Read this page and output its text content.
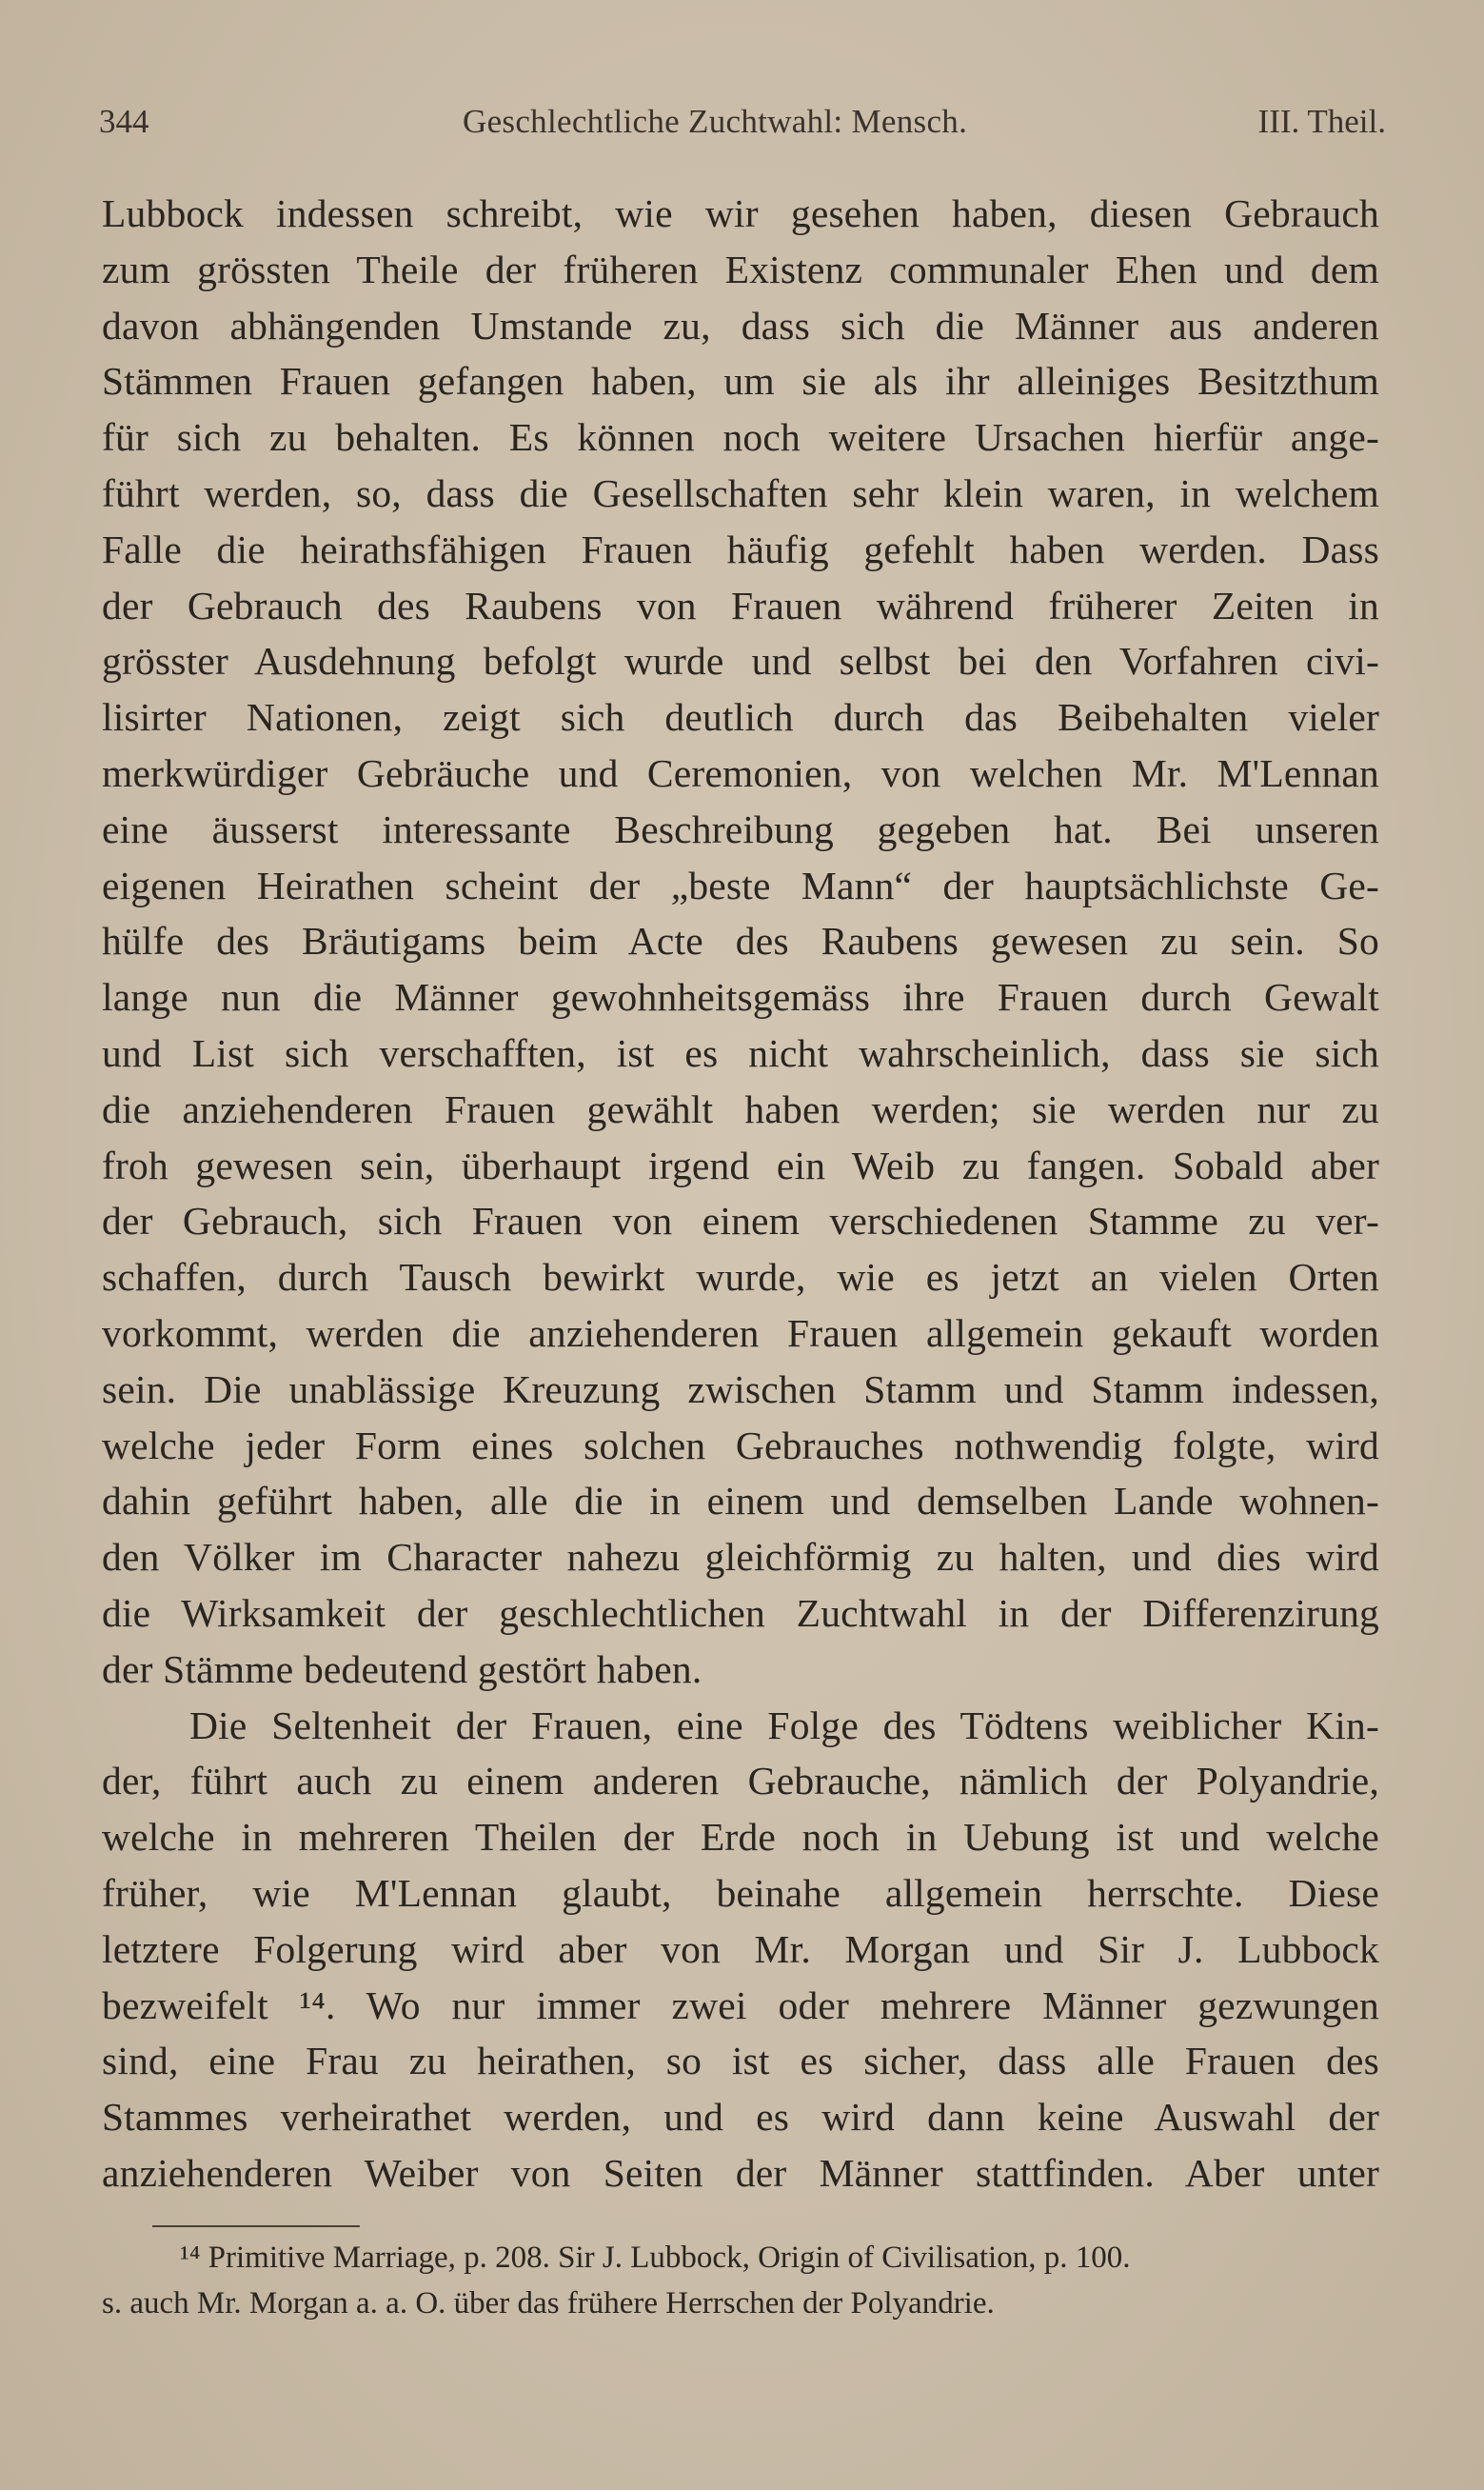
344	Geschlechtliche Zuchtwahl: Mensch.	III. Theil.
Lubbock indessen schreibt, wie wir gesehen haben, diesen Gebrauch
zum grössten Theile der früheren Existenz communaler Ehen und dem
davon abhängenden Umstande zu, dass sich die Männer aus anderen
Stämmen Frauen gefangen haben, um sie als ihr alleiniges Besitzthum
für sich zu behalten. Es können noch weitere Ursachen hierfür ange-
führt werden, so, dass die Gesellschaften sehr klein waren, in welchem
Falle die heirathsfähigen Frauen häufig gefehlt haben werden. Dass
der Gebrauch des Raubens von Frauen während früherer Zeiten in
grösster Ausdehnung befolgt wurde und selbst bei den Vorfahren civi-
lisirter Nationen, zeigt sich deutlich durch das Beibehalten vieler
merkwürdiger Gebräuche und Ceremonien, von welchen Mr. M'Lennan
eine äusserst interessante Beschreibung gegeben hat. Bei unseren
eigenen Heirathen scheint der „beste Mann“ der hauptsächlichste Ge-
hülfe des Bräutigams beim Acte des Raubens gewesen zu sein. So
lange nun die Männer gewohnheitsgemäss ihre Frauen durch Gewalt
und List sich verschafften, ist es nicht wahrscheinlich, dass sie sich
die anziehenderen Frauen gewählt haben werden; sie werden nur zu
froh gewesen sein, überhaupt irgend ein Weib zu fangen. Sobald aber
der Gebrauch, sich Frauen von einem verschiedenen Stamme zu ver-
schaffen, durch Tausch bewirkt wurde, wie es jetzt an vielen Orten
vorkommt, werden die anziehenderen Frauen allgemein gekauft worden
sein. Die unablässige Kreuzung zwischen Stamm und Stamm indessen,
welche jeder Form eines solchen Gebrauches nothwendig folgte, wird
dahin geführt haben, alle die in einem und demselben Lande wohnen-
den Völker im Character nahezu gleichförmig zu halten, und dies wird
die Wirksamkeit der geschlechtlichen Zuchtwahl in der Differenzirung
der Stämme bedeutend gestört haben.
Die Seltenheit der Frauen, eine Folge des Tödtens weiblicher Kin-
der, führt auch zu einem anderen Gebrauche, nämlich der Polyandrie,
welche in mehreren Theilen der Erde noch in Uebung ist und welche
früher, wie M'Lennan glaubt, beinahe allgemein herrschte. Diese
letztere Folgerung wird aber von Mr. Morgan und Sir J. Lubbock
bezweifelt ¹⁴. Wo nur immer zwei oder mehrere Männer gezwungen
sind, eine Frau zu heirathen, so ist es sicher, dass alle Frauen des
Stammes verheirathet werden, und es wird dann keine Auswahl der
anziehenderen Weiber von Seiten der Männer stattfinden. Aber unter
¹⁴ Primitive Marriage, p. 208. Sir J. Lubbock, Origin of Civilisation, p. 100.
s. auch Mr. Morgan a. a. O. über das frühere Herrschen der Polyandrie.
